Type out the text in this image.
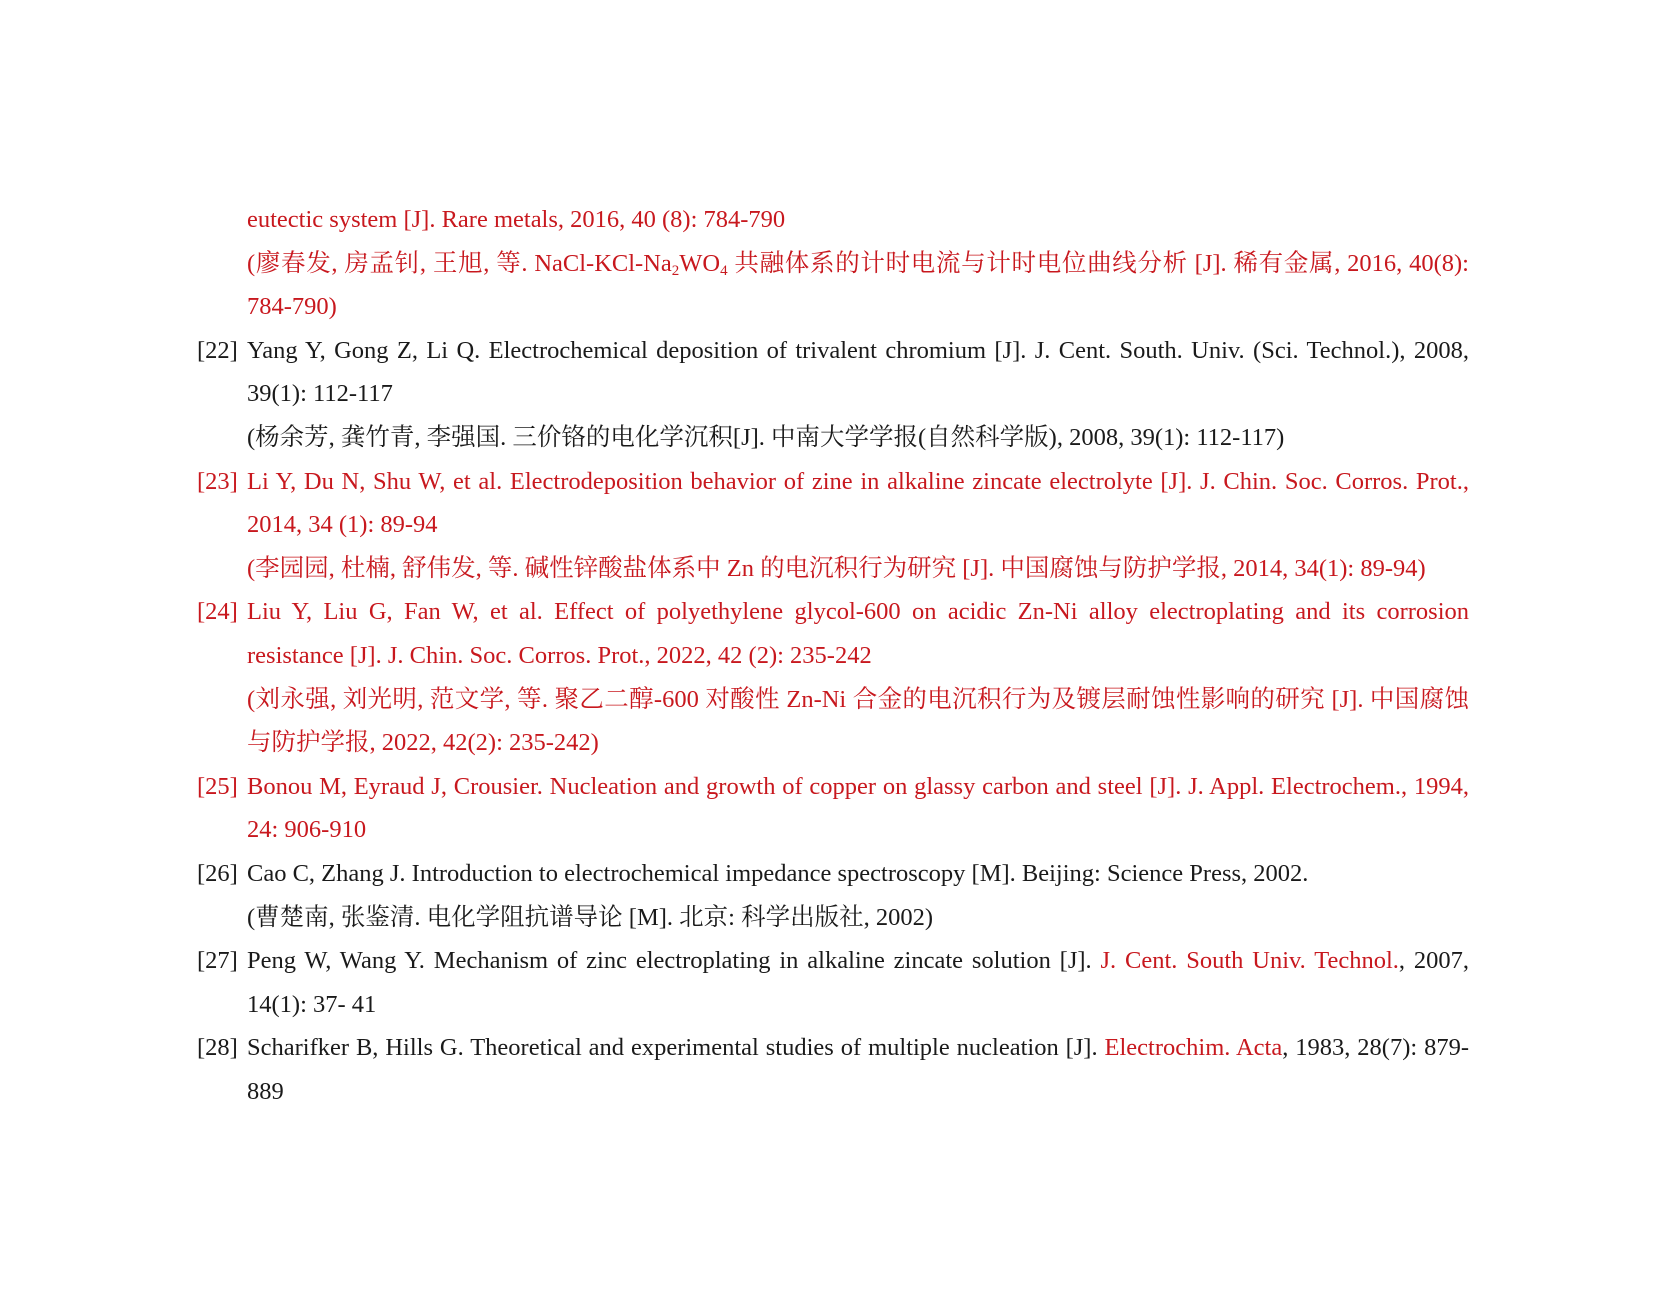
eutectic system [J]. Rare metals, 2016, 40 (8): 784-790
(廖春发, 房孟钊, 王旭, 等. NaCl-$KCl-Na_2WO_4$ 共融体系的计时电流与计时电位曲线分析 [J]. 稀有金属, 2016, 40(8): 784-790)
[22] Yang Y, Gong Z, Li Q. Electrochemical deposition of trivalent chromium [J]. J. Cent. South. Univ. (Sci. Technol.), 2008, 39(1): 112-117
(杨余芳, 龚竹青, 李强国. 三价铬的电化学沉积[J]. 中南大学学报(自然科学版), 2008, 39(1): 112-117)
[23] Li Y, Du N, Shu W, et al. Electrodeposition behavior of zine in alkaline zincate electrolyte [J]. J. Chin. Soc. Corros. Prot., 2014, 34 (1): 89-94
(李园园, 杜楠, 舒伟发, 等. 碱性锌酸盐体系中 Zn 的电沉积行为研究 [J]. 中国腐蚀与防护学报, 2014, 34(1): 89-94)
[24] Liu Y, Liu G, Fan W, et al. Effect of polyethylene glycol-600 on acidic Zn-Ni alloy electroplating and its corrosion resistance [J]. J. Chin. Soc. Corros. Prot., 2022, 42 (2): 235-242
(刘永强, 刘光明, 范文学, 等. 聚乙二醇-600 对酸性 Zn-Ni 合金的电沉积行为及镀层耐蚀性影响的研究 [J]. 中国腐蚀与防护学报, 2022, 42(2): 235-242)
[25] Bonou M, Eyraud J, Crousier. Nucleation and growth of copper on glassy carbon and steel [J]. J. Appl. Electrochem., 1994, 24: 906-910
[26] Cao C, Zhang J. Introduction to electrochemical impedance spectroscopy [M]. Beijing: Science Press, 2002.
(曹楚南, 张鉴清. 电化学阻抗谱导论 [M]. 北京: 科学出版社, 2002)
[27] Peng W, Wang Y. Mechanism of zinc electroplating in alkaline zincate solution [J]. J. Cent. South Univ. Technol., 2007, 14(1): 37- 41
[28] Scharifker B, Hills G. Theoretical and experimental studies of multiple nucleation [J]. Electrochim. Acta, 1983, 28(7): 879-889
